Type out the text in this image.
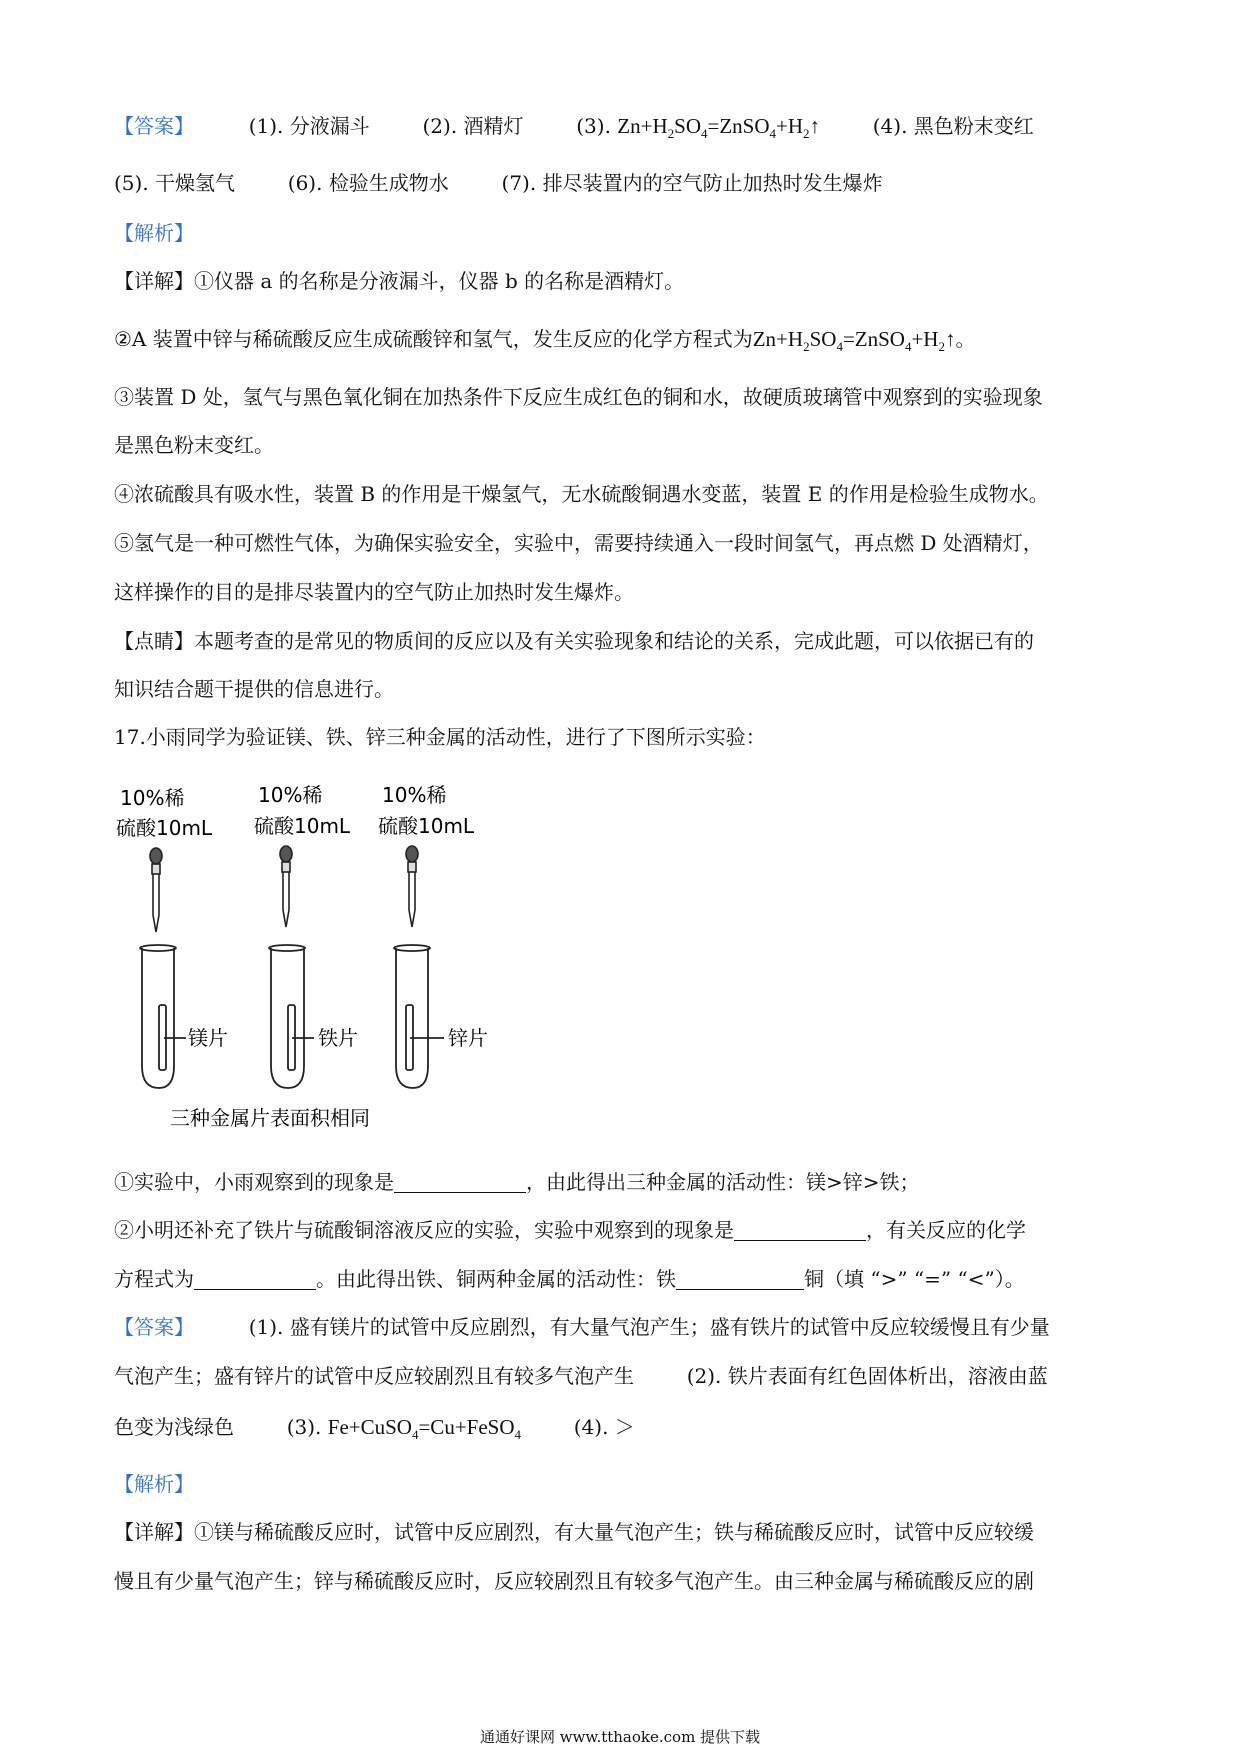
【答案】	(1). 分液漏斗	(2). 酒精灯	(3). $Zn+H_2SO_4=ZnSO_4+H_2↑$	(4). 黑色粉末变红
(5). 干燥氢气	(6). 检验生成物水	(7). 排尽装置内的空气防止加热时发生爆炸
【解析】
【详解】①仪器 a 的名称是分液漏斗，仪器 b 的名称是酒精灯。
②A 装置中锌与稀硫酸反应生成硫酸锌和氢气，发生反应的化学方程式为$Zn+H_2SO_4=ZnSO_4+H_2↑$。
③装置 D 处，氢气与黑色氧化铜在加热条件下反应生成红色的铜和水，故硬质玻璃管中观察到的实验现象
是黑色粉末变红。
④浓硫酸具有吸水性，装置 B 的作用是干燥氢气，无水硫酸铜遇水变蓝，装置 E 的作用是检验生成物水。
⑤氢气是一种可燃性气体，为确保实验安全，实验中，需要持续通入一段时间氢气，再点燃 D 处酒精灯，
这样操作的目的是排尽装置内的空气防止加热时发生爆炸。
【点睛】本题考查的是常见的物质间的反应以及有关实验现象和结论的关系，完成此题，可以依据已有的
知识结合题干提供的信息进行。
17.小雨同学为验证镁、铁、锌三种金属的活动性，进行了下图所示实验：
10%稀
硫酸10mL
10%稀
硫酸10mL
10%稀
硫酸10mL
镁片	铁片	锌片
三种金属片表面积相同
①实验中，小雨观察到的现象是	，由此得出三种金属的活动性：镁>锌>铁；
②小明还补充了铁片与硫酸铜溶液反应的实验，实验中观察到的现象是	，有关反应的化学
方程式为	。由此得出铁、铜两种金属的活动性：铁	铜（填 “>” “=” “<”）。
【答案】	(1). 盛有镁片的试管中反应剧烈，有大量气泡产生；盛有铁片的试管中反应较缓慢且有少量
气泡产生；盛有锌片的试管中反应较剧烈且有较多气泡产生	(2). 铁片表面有红色固体析出，溶液由蓝
色变为浅绿色	(3). Fe+CuSO$_4$=Cu+FeSO$_4$	(4). ＞
【解析】
【详解】①镁与稀硫酸反应时，试管中反应剧烈，有大量气泡产生；铁与稀硫酸反应时，试管中反应较缓
慢且有少量气泡产生；锌与稀硫酸反应时，反应较剧烈且有较多气泡产生。由三种金属与稀硫酸反应的剧
通通好课网 www.tthaoke.com 提供下载
